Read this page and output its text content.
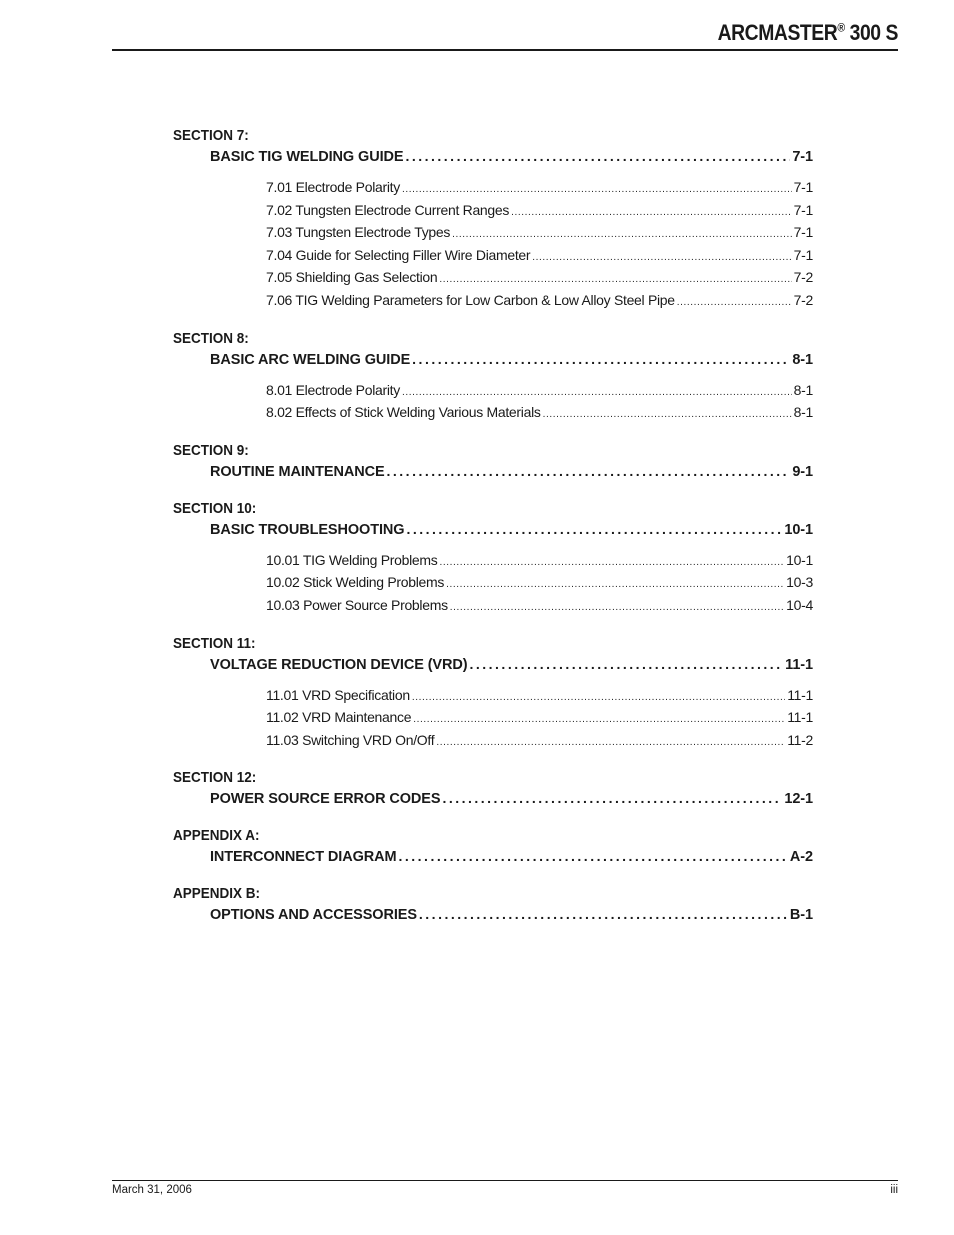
ARCMASTER® 300 S
SECTION 7:
BASIC TIG WELDING GUIDE .....	7-1
7.01 Electrode Polarity .....	7-1
7.02 Tungsten Electrode Current Ranges .....	7-1
7.03 Tungsten Electrode Types .....	7-1
7.04 Guide for Selecting Filler Wire Diameter .....	7-1
7.05 Shielding Gas Selection .....	7-2
7.06 TIG Welding Parameters for Low Carbon & Low Alloy Steel Pipe .....	7-2
SECTION 8:
BASIC ARC WELDING GUIDE .....	8-1
8.01 Electrode Polarity .....	8-1
8.02 Effects of Stick Welding Various Materials .....	8-1
SECTION 9:
ROUTINE MAINTENANCE .....	9-1
SECTION 10:
BASIC TROUBLESHOOTING .....	10-1
10.01 TIG Welding Problems .....	10-1
10.02 Stick Welding Problems .....	10-3
10.03 Power Source Problems .....	10-4
SECTION 11:
VOLTAGE REDUCTION DEVICE (VRD) .....	11-1
11.01 VRD Specification .....	11-1
11.02 VRD Maintenance .....	11-1
11.03 Switching VRD On/Off .....	11-2
SECTION 12:
POWER SOURCE ERROR CODES .....	12-1
APPENDIX A:
INTERCONNECT DIAGRAM .....	A-2
APPENDIX B:
OPTIONS AND ACCESSORIES .....	B-1
March 31, 2006	iii
